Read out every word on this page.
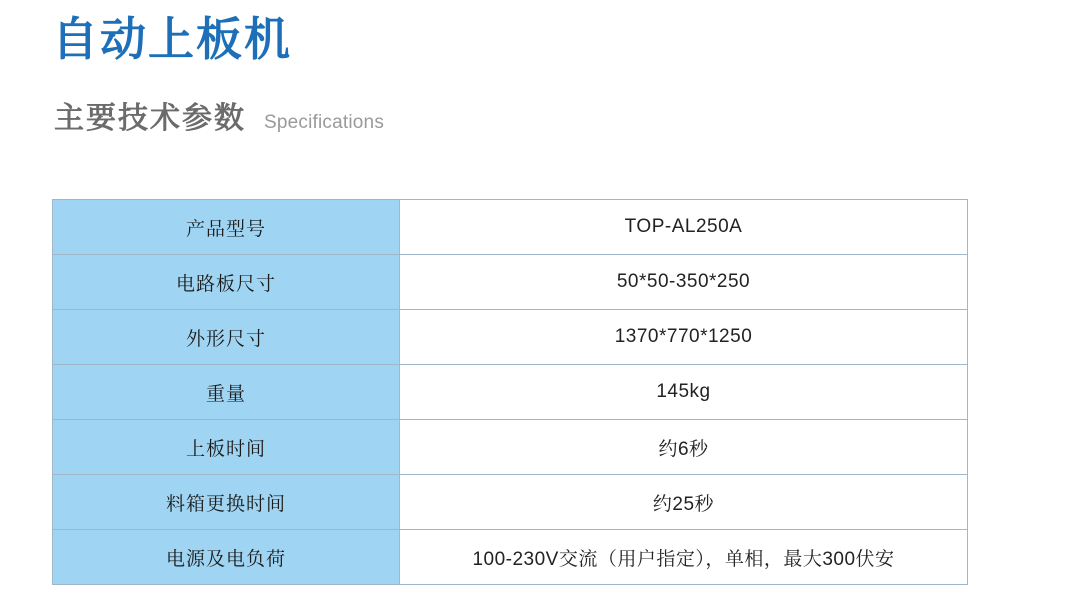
自动上板机
主要技术参数 Specifications
产品型号	TOP-AL250A
电路板尺寸	50*50-350*250
外形尺寸	1370*770*1250
重量	145kg
上板时间	约6秒
料箱更换时间	约25秒
电源及电负荷	100-230V交流（用户指定），单相，最大300伏安
